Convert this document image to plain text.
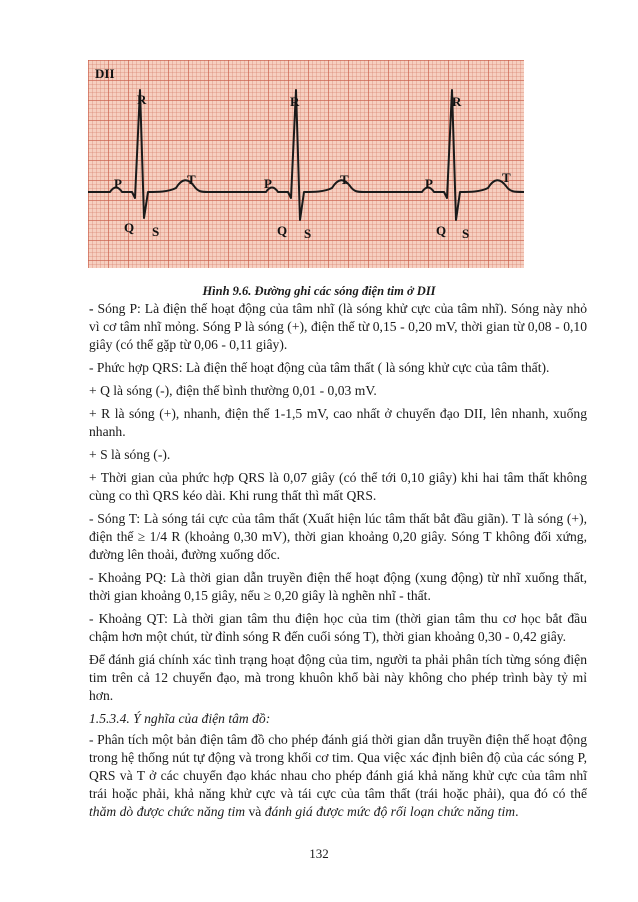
DII
R
P	T
Q S
R
P	T
Q S
R
P	T
Q S
Hình 9.6. Đường ghi các sóng điện tim ở DII

- Sóng P: Là điện thế hoạt động của tâm nhĩ (là sóng khử cực của tâm nhĩ). Sóng này nhỏ vì cơ tâm nhĩ mỏng. Sóng P là sóng (+), điện thế từ 0,15 - 0,20 mV, thời gian từ 0,08 - 0,10 giây (có thể gặp từ 0,06 - 0,11 giây).

- Phức hợp QRS: Là điện thế hoạt động của tâm thất ( là sóng khử cực của tâm thất).

+ Q là sóng (-), điện thế bình thường 0,01 - 0,03 mV.

+ R là sóng (+), nhanh, điện thế 1-1,5 mV, cao nhất ở chuyển đạo DII, lên nhanh, xuống nhanh.

+ S là sóng (-).

+ Thời gian của phức hợp QRS là 0,07 giây (có thể tới 0,10 giây) khi hai tâm thất không cùng co thì QRS kéo dài. Khi rung thất thì mất QRS.

- Sóng T: Là sóng tái cực của tâm thất (Xuất hiện lúc tâm thất bắt đầu giãn). T là sóng (+), điện thế ≥ 1/4 R (khoảng 0,30 mV), thời gian khoảng 0,20 giây. Sóng T không đối xứng, đường lên thoải, đường xuống dốc.

- Khoảng PQ: Là thời gian dẫn truyền điện thế hoạt động (xung động) từ nhĩ xuống thất, thời gian khoảng 0,15 giây, nếu ≥ 0,20 giây là nghẽn nhĩ - thất.

- Khoảng QT: Là thời gian tâm thu điện học của tim (thời gian tâm thu cơ học bắt đầu chậm hơn một chút, từ đỉnh sóng R đến cuối sóng T), thời gian khoảng 0,30 - 0,42 giây.

Để đánh giá chính xác tình trạng hoạt động của tim, người ta phải phân tích từng sóng điện tim trên cả 12 chuyển đạo, mà trong khuôn khổ bài này không cho phép trình bày tỷ mỉ hơn.

1.5.3.4. Ý nghĩa của điện tâm đồ:

- Phân tích một bản điện tâm đồ cho phép đánh giá thời gian dẫn truyền điện thế hoạt động trong hệ thống nút tự động và trong khối cơ tim. Qua việc xác định biên độ của các sóng P, QRS và T ở các chuyển đạo khác nhau cho phép đánh giá khả năng khử cực của tâm nhĩ trái hoặc phải, khả năng khử cực và tái cực của tâm thất (trái hoặc phải), qua đó có thể thăm dò được chức năng tim và đánh giá được mức độ rối loạn chức năng tim.

132
